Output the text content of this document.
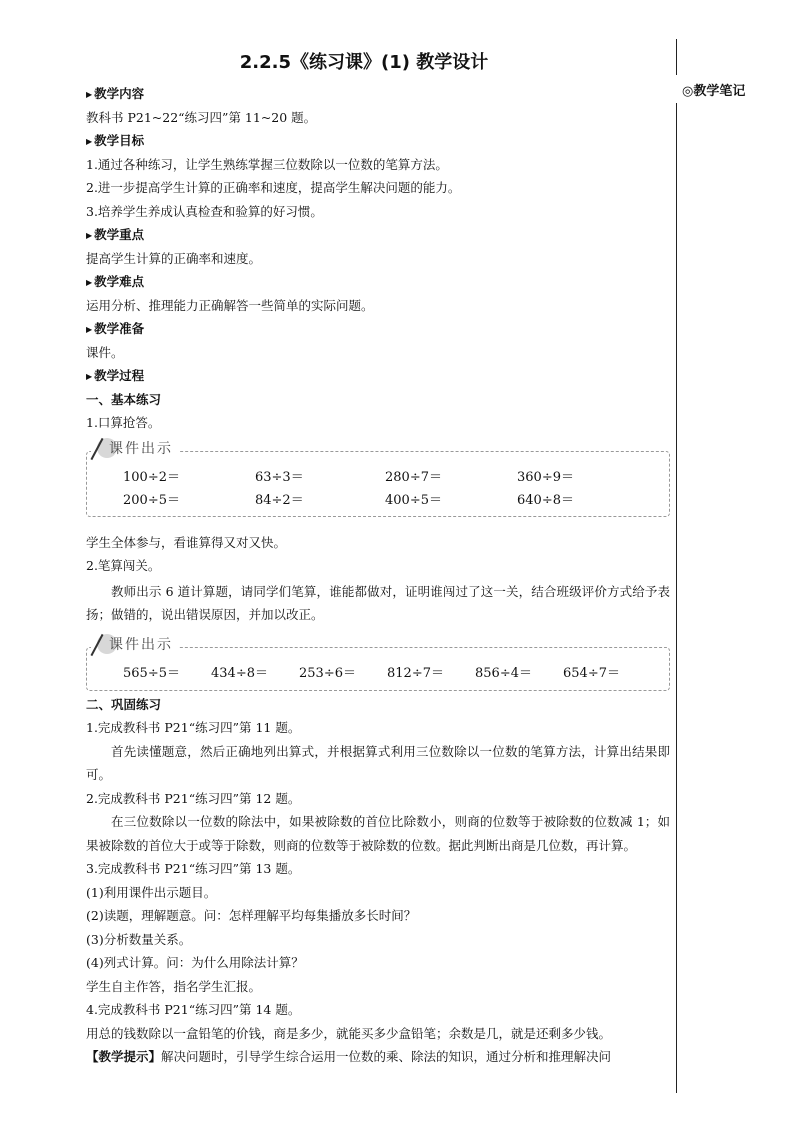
◎教学笔记
2.2.5《练习课》(1) 教学设计
▶ 教学内容
教科书 P21~22“练习四”第 11~20 题。
▶ 教学目标
1.通过各种练习，让学生熟练掌握三位数除以一位数的笔算方法。
2.进一步提高学生计算的正确率和速度，提高学生解决问题的能力。
3.培养学生养成认真检查和验算的好习惯。
▶ 教学重点
提高学生计算的正确率和速度。
▶ 教学难点
运用分析、推理能力正确解答一些简单的实际问题。
▶ 教学准备
课件。
▶ 教学过程
一、基本练习
1.口算抢答。
课件出示
100÷2＝	63÷3＝	280÷7＝	360÷9＝
200÷5＝	84÷2＝	400÷5＝	640÷8＝
学生全体参与，看谁算得又对又快。
2.笔算闯关。
教师出示 6 道计算题，请同学们笔算，谁能都做对，证明谁闯过了这一关，结合班级评价方式给予表扬；做错的，说出错误原因，并加以改正。
课件出示
565÷5＝	434÷8＝	253÷6＝	812÷7＝	856÷4＝	654÷7＝
二、巩固练习
1.完成教科书 P21“练习四”第 11 题。
首先读懂题意，然后正确地列出算式，并根据算式利用三位数除以一位数的笔算方法，计算出结果即可。
2.完成教科书 P21“练习四”第 12 题。
在三位数除以一位数的除法中，如果被除数的首位比除数小，则商的位数等于被除数的位数减 1；如果被除数的首位大于或等于除数，则商的位数等于被除数的位数。据此判断出商是几位数，再计算。
3.完成教科书 P21“练习四”第 13 题。
(1)利用课件出示题目。
(2)读题，理解题意。问：怎样理解平均每集播放多长时间？
(3)分析数量关系。
(4)列式计算。问：为什么用除法计算？
学生自主作答，指名学生汇报。
4.完成教科书 P21“练习四”第 14 题。
用总的钱数除以一盒铅笔的价钱，商是多少，就能买多少盒铅笔；余数是几，就是还剩多少钱。
【教学提示】解决问题时，引导学生综合运用一位数的乘、除法的知识，通过分析和推理解决问
